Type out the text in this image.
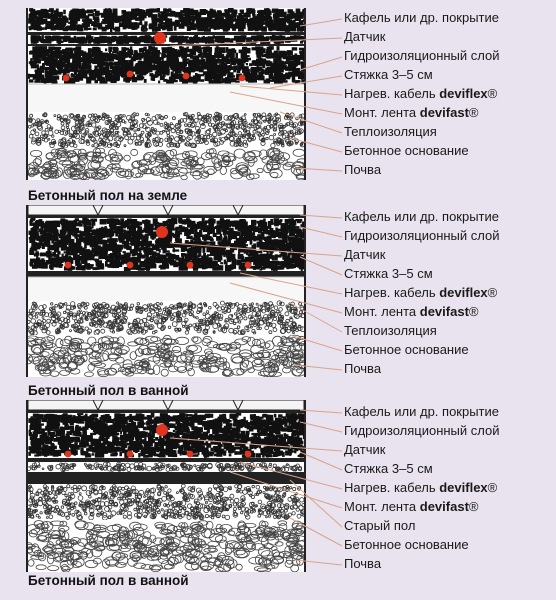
Кафель или др. покрытие
Датчик
Гидроизоляционный слой
Стяжка 3–5 см
Нагрев. кабель deviflex®
Монт. лента devifast®
Теплоизоляция
Бетонное основание
Почва
Бетонный пол на земле
Кафель или др. покрытие
Гидроизоляционный слой
Датчик
Стяжка 3–5 см
Нагрев. кабель deviflex®
Монт. лента devifast®
Теплоизоляция
Бетонное основание
Почва
Бетонный пол в ванной
Кафель или др. покрытие
Гидроизоляционный слой
Датчик
Стяжка 3–5 см
Нагрев. кабель deviflex®
Монт. лента devifast®
Старый пол
Бетонное основание
Почва
Бетонный пол в ванной
